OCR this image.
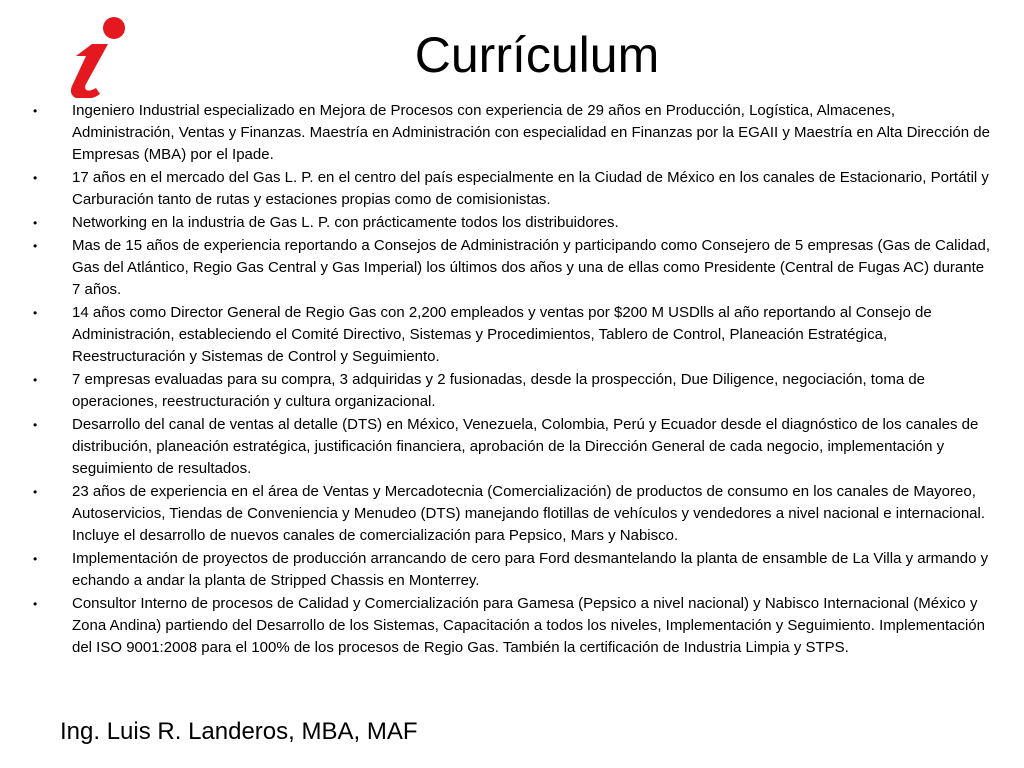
Currículum
• Ingeniero Industrial especializado en Mejora de Procesos con experiencia de 29 años en Producción, Logística, Almacenes, Administración, Ventas y Finanzas. Maestría en Administración con especialidad en Finanzas por la EGAII y Maestría en Alta Dirección de Empresas (MBA) por el Ipade.
• 17 años en el mercado del Gas L. P. en el centro del país especialmente en la Ciudad de México en los canales de Estacionario, Portátil y Carburación tanto de rutas y estaciones propias como de comisionistas.
• Networking en la industria de Gas L. P. con prácticamente todos los distribuidores.
• Mas de 15 años de experiencia reportando a Consejos de Administración y participando como Consejero de 5 empresas (Gas de Calidad, Gas del Atlántico, Regio Gas Central y Gas Imperial) los últimos dos años y una de ellas como Presidente (Central de Fugas AC) durante 7 años.
• 14 años como Director General de Regio Gas con 2,200 empleados y ventas por $200 M USDlls al año reportando al Consejo de Administración, estableciendo el Comité Directivo, Sistemas y Procedimientos, Tablero de Control, Planeación Estratégica, Reestructuración y Sistemas de Control y Seguimiento.
• 7 empresas evaluadas para su compra, 3 adquiridas y 2 fusionadas, desde la prospección, Due Diligence, negociación, toma de operaciones, reestructuración y cultura organizacional.
• Desarrollo del canal de ventas al detalle (DTS) en México, Venezuela, Colombia, Perú y Ecuador desde el diagnóstico de los canales de distribución, planeación estratégica, justificación financiera, aprobación de la Dirección General de cada negocio, implementación y seguimiento de resultados.
• 23 años de experiencia en el área de Ventas y Mercadotecnia (Comercialización) de productos de consumo en los canales de Mayoreo, Autoservicios, Tiendas de Conveniencia y Menudeo (DTS) manejando flotillas de vehículos y vendedores a nivel nacional e internacional. Incluye el desarrollo de nuevos canales de comercialización para Pepsico, Mars y Nabisco.
• Implementación de proyectos de producción arrancando de cero para Ford desmantelando la planta de ensamble de La Villa y armando y echando a andar la planta de Stripped Chassis en Monterrey.
• Consultor Interno de procesos de Calidad y Comercialización para Gamesa (Pepsico a nivel nacional) y Nabisco Internacional (México y Zona Andina) partiendo del Desarrollo de los Sistemas, Capacitación a todos los niveles, Implementación y Seguimiento. Implementación del ISO 9001:2008 para el 100% de los procesos de Regio Gas. También la certificación de Industria Limpia y STPS.
Ing. Luis R. Landeros, MBA, MAF
